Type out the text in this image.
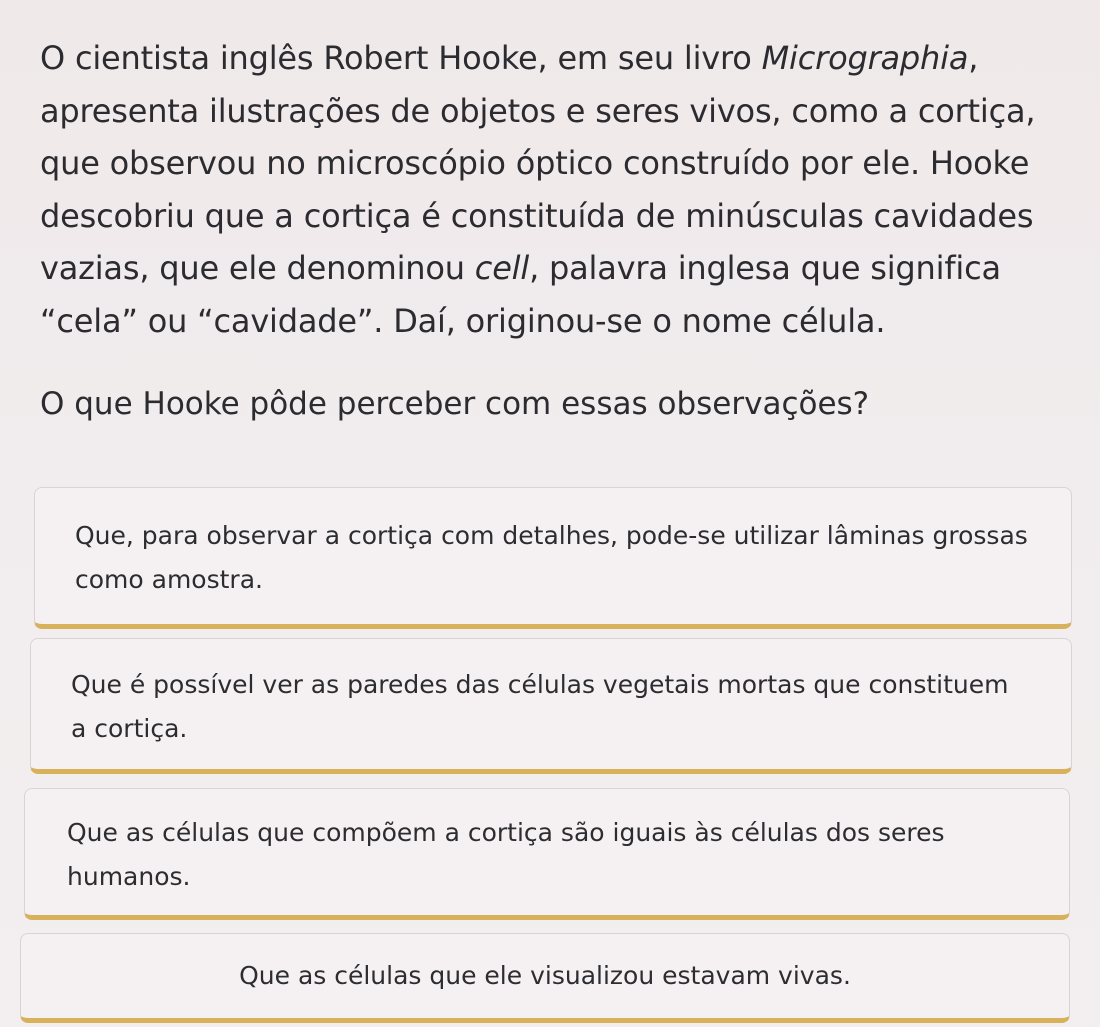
O cientista inglês Robert Hooke, em seu livro Micrographia, apresenta ilustrações de objetos e seres vivos, como a cortiça, que observou no microscópio óptico construído por ele. Hooke descobriu que a cortiça é constituída de minúsculas cavidades vazias, que ele denominou cell, palavra inglesa que significa “cela” ou “cavidade”. Daí, originou-se o nome célula.

O que Hooke pôde perceber com essas observações?
Que, para observar a cortiça com detalhes, pode-se utilizar lâminas grossas como amostra.
Que é possível ver as paredes das células vegetais mortas que constituem a cortiça.
Que as células que compõem a cortiça são iguais às células dos seres humanos.
Que as células que ele visualizou estavam vivas.
